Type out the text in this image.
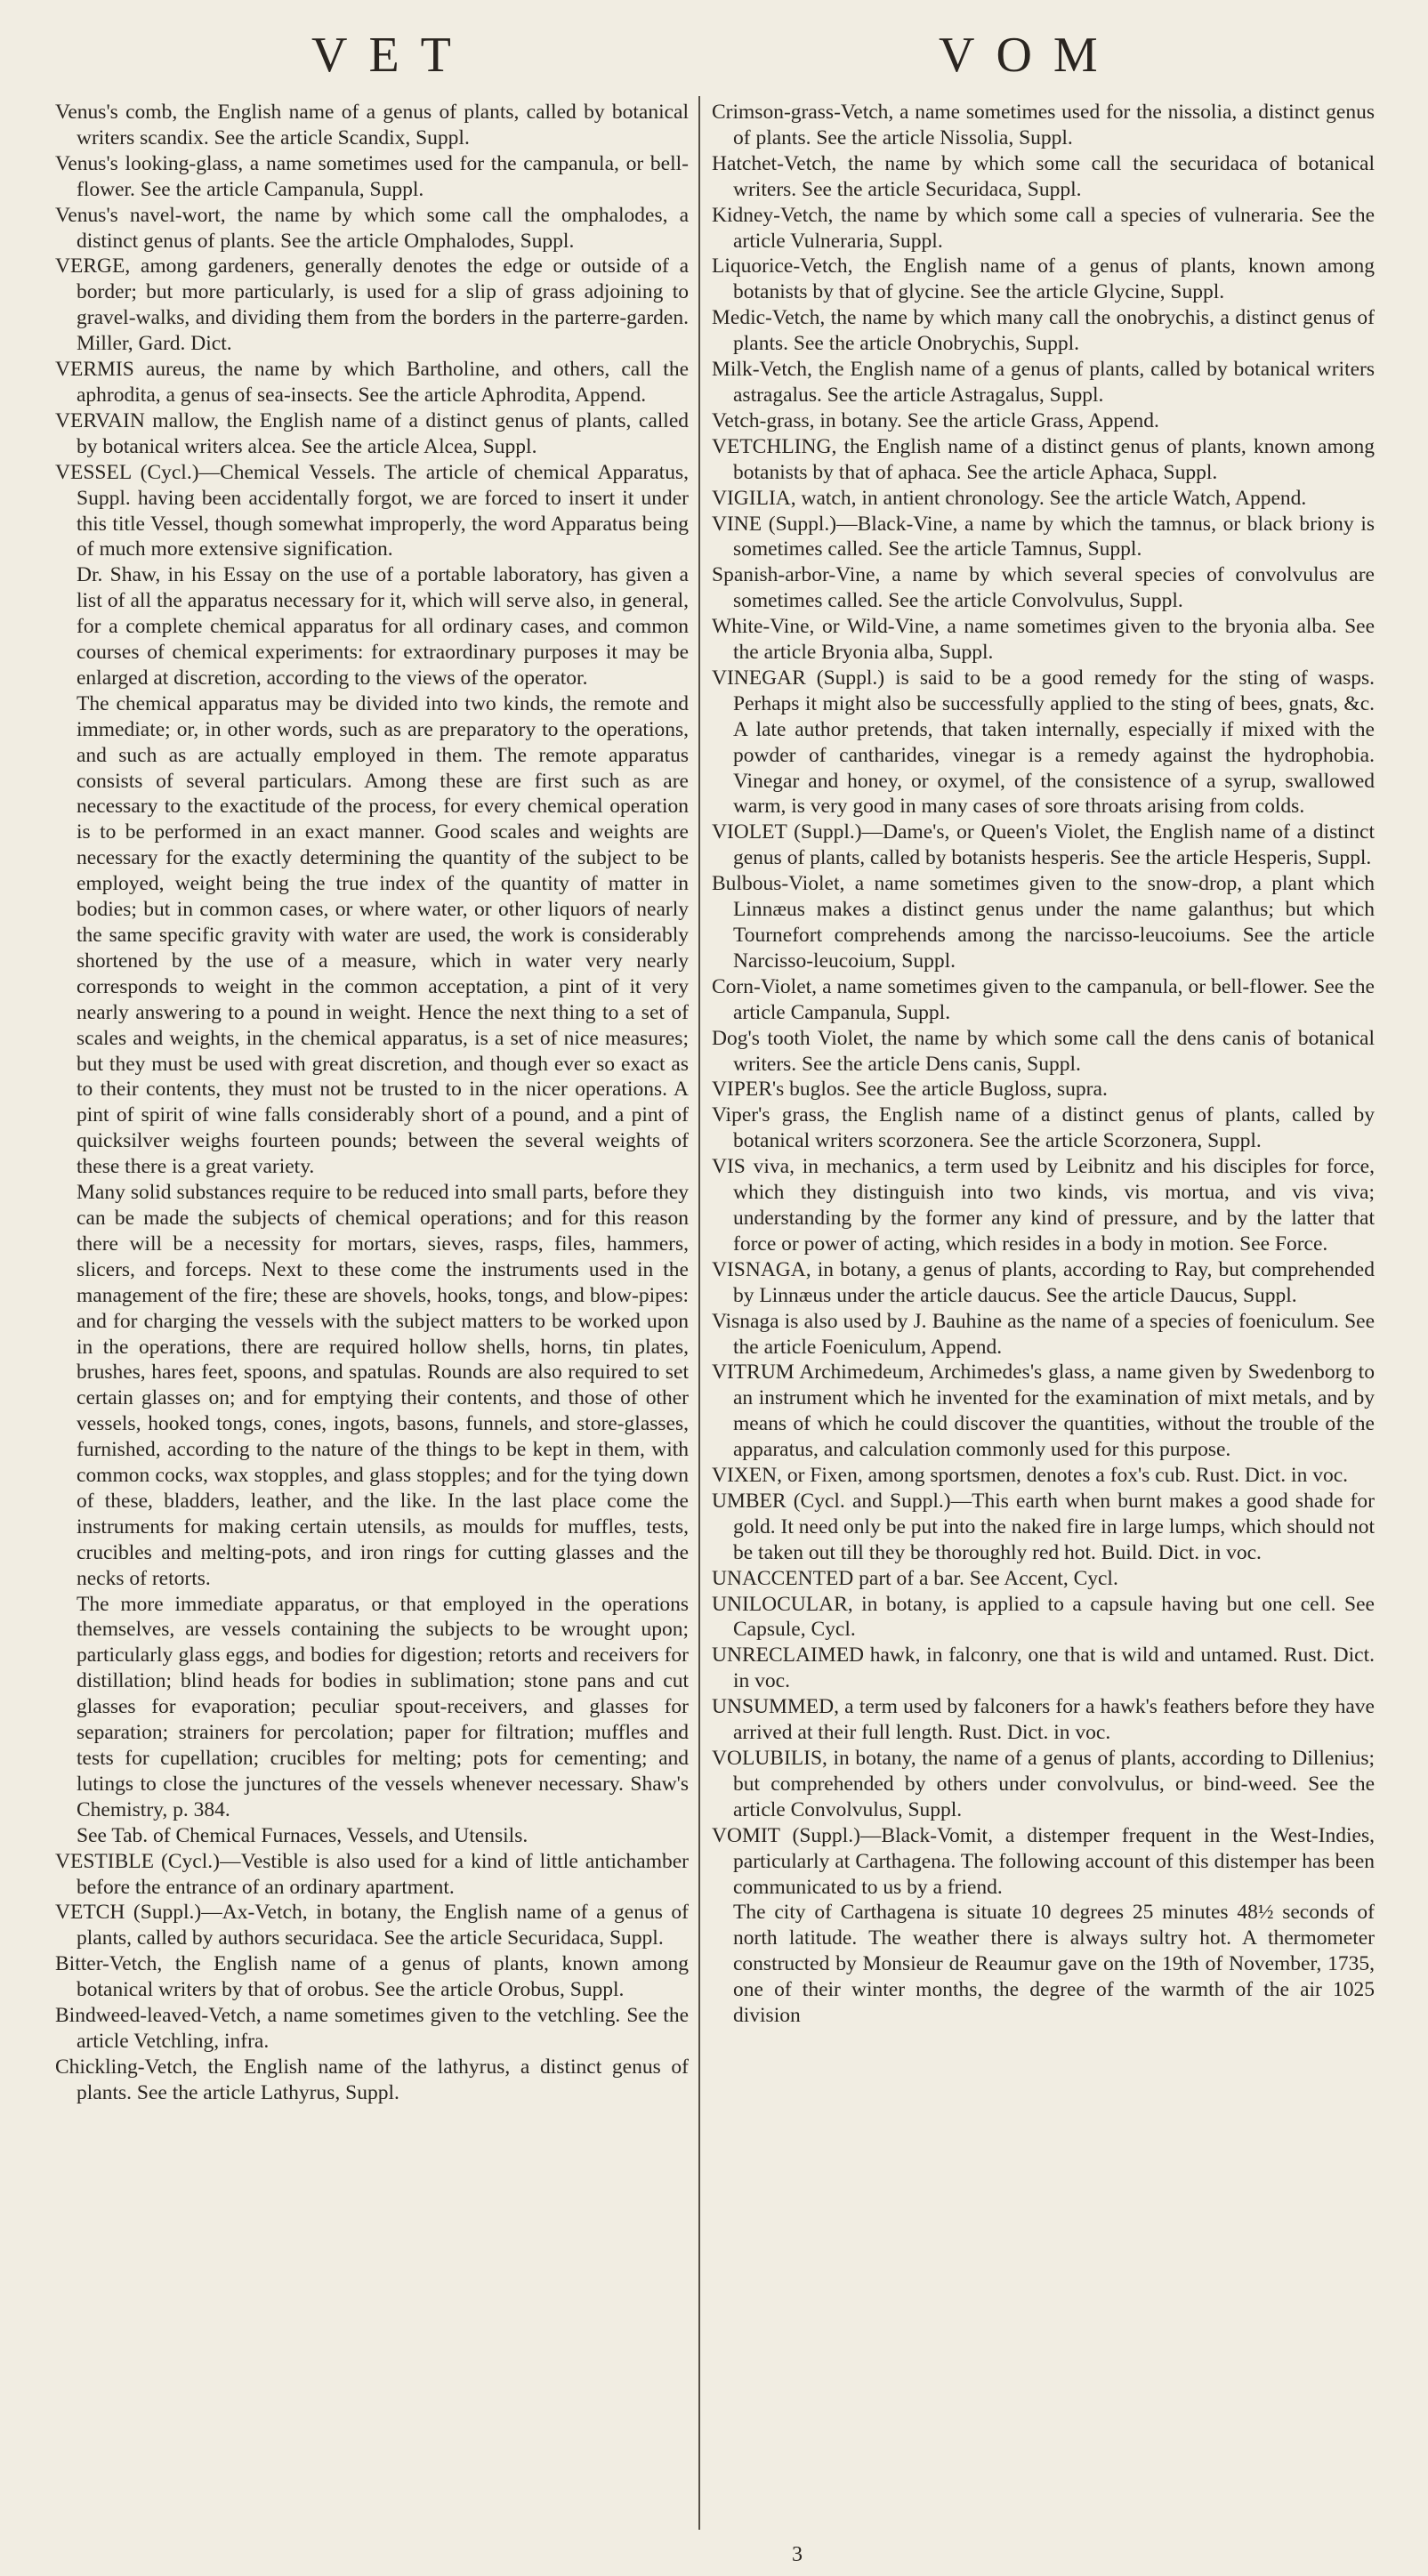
VET	VOM

Venus's comb, the English name of a genus of plants, called by botanical writers scandix. See the article Scandix, Suppl.

Venus's looking-glass, a name sometimes used for the campanula, or bell-flower. See the article Campanula, Suppl.

Venus's navel-wort, the name by which some call the omphalodes, a distinct genus of plants. See the article Omphalodes, Suppl.

VERGE, among gardeners, generally denotes the edge or outside of a border; but more particularly, is used for a slip of grass adjoining to gravel-walks, and dividing them from the borders in the parterre-garden. Miller, Gard. Dict.

VERMIS aureus, the name by which Bartholine, and others, call the aphrodita, a genus of sea-insects. See the article Aphrodita, Append.

VERVAIN mallow, the English name of a distinct genus of plants, called by botanical writers alcea. See the article Alcea, Suppl.

VESSEL (Cycl.)—Chemical Vessels. The article of chemical Apparatus, Suppl. having been accidentally forgot, we are forced to insert it under this title Vessel, though somewhat improperly, the word Apparatus being of much more extensive signification.

Dr. Shaw, in his Essay on the use of a portable laboratory, has given a list of all the apparatus necessary for it, which will serve also, in general, for a complete chemical apparatus for all ordinary cases, and common courses of chemical experiments: for extraordinary purposes it may be enlarged at discretion, according to the views of the operator.

The chemical apparatus may be divided into two kinds, the remote and immediate; or, in other words, such as are preparatory to the operations, and such as are actually employed in them. The remote apparatus consists of several particulars. Among these are first such as are necessary to the exactitude of the process, for every chemical operation is to be performed in an exact manner. Good scales and weights are necessary for the exactly determining the quantity of the subject to be employed, weight being the true index of the quantity of matter in bodies; but in common cases, or where water, or other liquors of nearly the same specific gravity with water are used, the work is considerably shortened by the use of a measure, which in water very nearly corresponds to weight in the common acceptation, a pint of it very nearly answering to a pound in weight. Hence the next thing to a set of scales and weights, in the chemical apparatus, is a set of nice measures; but they must be used with great discretion, and though ever so exact as to their contents, they must not be trusted to in the nicer operations. A pint of spirit of wine falls considerably short of a pound, and a pint of quicksilver weighs fourteen pounds; between the several weights of these there is a great variety.

Many solid substances require to be reduced into small parts, before they can be made the subjects of chemical operations; and for this reason there will be a necessity for mortars, sieves, rasps, files, hammers, slicers, and forceps. Next to these come the instruments used in the management of the fire; these are shovels, hooks, tongs, and blow-pipes: and for charging the vessels with the subject matters to be worked upon in the operations, there are required hollow shells, horns, tin plates, brushes, hares feet, spoons, and spatulas. Rounds are also required to set certain glasses on; and for emptying their contents, and those of other vessels, hooked tongs, cones, ingots, basons, funnels, and store-glasses, furnished, according to the nature of the things to be kept in them, with common cocks, wax stopples, and glass stopples; and for the tying down of these, bladders, leather, and the like. In the last place come the instruments for making certain utensils, as moulds for muffles, tests, crucibles and melting-pots, and iron rings for cutting glasses and the necks of retorts.

The more immediate apparatus, or that employed in the operations themselves, are vessels containing the subjects to be wrought upon; particularly glass eggs, and bodies for digestion; retorts and receivers for distillation; blind heads for bodies in sublimation; stone pans and cut glasses for evaporation; peculiar spout-receivers, and glasses for separation; strainers for percolation; paper for filtration; muffles and tests for cupellation; crucibles for melting; pots for cementing; and lutings to close the junctures of the vessels whenever necessary. Shaw's Chemistry, p. 384.

See Tab. of Chemical Furnaces, Vessels, and Utensils.

VESTIBLE (Cycl.)—Vestible is also used for a kind of little antichamber before the entrance of an ordinary apartment.

VETCH (Suppl.)—Ax-Vetch, in botany, the English name of a genus of plants, called by authors securidaca. See the article Securidaca, Suppl.

Bitter-Vetch, the English name of a genus of plants, known among botanical writers by that of orobus. See the article Orobus, Suppl.

Bindweed-leaved-Vetch, a name sometimes given to the vetchling. See the article Vetchling, infra.

Chickling-Vetch, the English name of the lathyrus, a distinct genus of plants. See the article Lathyrus, Suppl.

Crimson-grass-Vetch, a name sometimes used for the nissolia, a distinct genus of plants. See the article Nissolia, Suppl.

Hatchet-Vetch, the name by which some call the securidaca of botanical writers. See the article Securidaca, Suppl.

Kidney-Vetch, the name by which some call a species of vulneraria. See the article Vulneraria, Suppl.

Liquorice-Vetch, the English name of a genus of plants, known among botanists by that of glycine. See the article Glycine, Suppl.

Medic-Vetch, the name by which many call the onobrychis, a distinct genus of plants. See the article Onobrychis, Suppl.

Milk-Vetch, the English name of a genus of plants, called by botanical writers astragalus. See the article Astragalus, Suppl.

Vetch-grass, in botany. See the article Grass, Append.

VETCHLING, the English name of a distinct genus of plants, known among botanists by that of aphaca. See the article Aphaca, Suppl.

VIGILIA, watch, in antient chronology. See the article Watch, Append.

VINE (Suppl.)—Black-Vine, a name by which the tamnus, or black briony is sometimes called. See the article Tamnus, Suppl.

Spanish-arbor-Vine, a name by which several species of convolvulus are sometimes called. See the article Convolvulus, Suppl.

White-Vine, or Wild-Vine, a name sometimes given to the bryonia alba. See the article Bryonia alba, Suppl.

VINEGAR (Suppl.) is said to be a good remedy for the sting of wasps. Perhaps it might also be successfully applied to the sting of bees, gnats, &c. A late author pretends, that taken internally, especially if mixed with the powder of cantharides, vinegar is a remedy against the hydrophobia. Vinegar and honey, or oxymel, of the consistence of a syrup, swallowed warm, is very good in many cases of sore throats arising from colds.

VIOLET (Suppl.)—Dame's, or Queen's Violet, the English name of a distinct genus of plants, called by botanists hesperis. See the article Hesperis, Suppl.

Bulbous-Violet, a name sometimes given to the snow-drop, a plant which Linnæus makes a distinct genus under the name galanthus; but which Tournefort comprehends among the narcisso-leucoiums. See the article Narcisso-leucoium, Suppl.

Corn-Violet, a name sometimes given to the campanula, or bell-flower. See the article Campanula, Suppl.

Dog's tooth Violet, the name by which some call the dens canis of botanical writers. See the article Dens canis, Suppl.

VIPER's buglos. See the article Bugloss, supra.

Viper's grass, the English name of a distinct genus of plants, called by botanical writers scorzonera. See the article Scorzonera, Suppl.

VIS viva, in mechanics, a term used by Leibnitz and his disciples for force, which they distinguish into two kinds, vis mortua, and vis viva; understanding by the former any kind of pressure, and by the latter that force or power of acting, which resides in a body in motion. See Force.

VISNAGA, in botany, a genus of plants, according to Ray, but comprehended by Linnæus under the article daucus. See the article Daucus, Suppl.

Visnaga is also used by J. Bauhine as the name of a species of foeniculum. See the article Foeniculum, Append.

VITRUM Archimedeum, Archimedes's glass, a name given by Swedenborg to an instrument which he invented for the examination of mixt metals, and by means of which he could discover the quantities, without the trouble of the apparatus, and calculation commonly used for this purpose.

VIXEN, or Fixen, among sportsmen, denotes a fox's cub. Rust. Dict. in voc.

UMBER (Cycl. and Suppl.)—This earth when burnt makes a good shade for gold. It need only be put into the naked fire in large lumps, which should not be taken out till they be thoroughly red hot. Build. Dict. in voc.

UNACCENTED part of a bar. See Accent, Cycl.

UNILOCULAR, in botany, is applied to a capsule having but one cell. See Capsule, Cycl.

UNRECLAIMED hawk, in falconry, one that is wild and untamed. Rust. Dict. in voc.

UNSUMMED, a term used by falconers for a hawk's feathers before they have arrived at their full length. Rust. Dict. in voc.

VOLUBILIS, in botany, the name of a genus of plants, according to Dillenius; but comprehended by others under convolvulus, or bind-weed. See the article Convolvulus, Suppl.

VOMIT (Suppl.)—Black-Vomit, a distemper frequent in the West-Indies, particularly at Carthagena. The following account of this distemper has been communicated to us by a friend.

The city of Carthagena is situate 10 degrees 25 minutes 48½ seconds of north latitude. The weather there is always sultry hot. A thermometer constructed by Monsieur de Reaumur gave on the 19th of November, 1735, one of their winter months, the degree of the warmth of the air 1025 division

3
